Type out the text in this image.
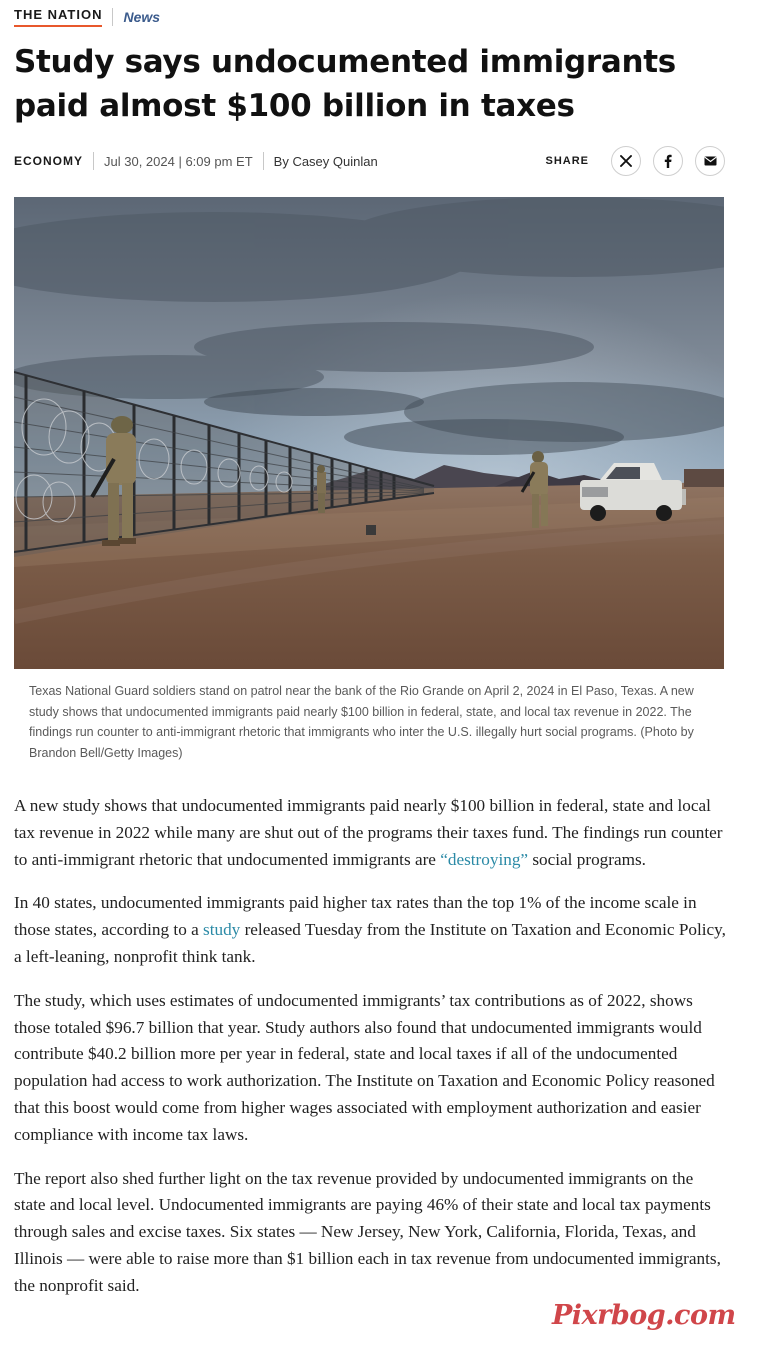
THE NATION News
Study says undocumented immigrants paid almost $100 billion in taxes
ECONOMY Jul 30, 2024 | 6:09 pm ET By Casey Quinlan	SHARE
Texas National Guard soldiers stand on patrol near the bank of the Rio Grande on April 2, 2024 in El Paso, Texas. A new study shows that undocumented immigrants paid nearly $100 billion in federal, state, and local tax revenue in 2022. The findings run counter to anti-immigrant rhetoric that immigrants who inter the U.S. illegally hurt social programs. (Photo by Brandon Bell/Getty Images)

A new study shows that undocumented immigrants paid nearly $100 billion in federal, state and local tax revenue in 2022 while many are shut out of the programs their taxes fund. The findings run counter to anti-immigrant rhetoric that undocumented immigrants are “destroying” social programs.

In 40 states, undocumented immigrants paid higher tax rates than the top 1% of the income scale in those states, according to a study released Tuesday from the Institute on Taxation and Economic Policy, a left-leaning, nonprofit think tank.

The study, which uses estimates of undocumented immigrants’ tax contributions as of 2022, shows those totaled $96.7 billion that year. Study authors also found that undocumented immigrants would contribute $40.2 billion more per year in federal, state and local taxes if all of the undocumented population had access to work authorization. The Institute on Taxation and Economic Policy reasoned that this boost would come from higher wages associated with employment authorization and easier compliance with income tax laws.

The report also shed further light on the tax revenue provided by undocumented immigrants on the state and local level. Undocumented immigrants are paying 46% of their state and local tax payments through sales and excise taxes. Six states — New Jersey, New York, California, Florida, Texas, and Illinois — were able to raise more than $1 billion each in tax revenue from undocumented immigrants, the nonprofit said.

Pixrbog.com
